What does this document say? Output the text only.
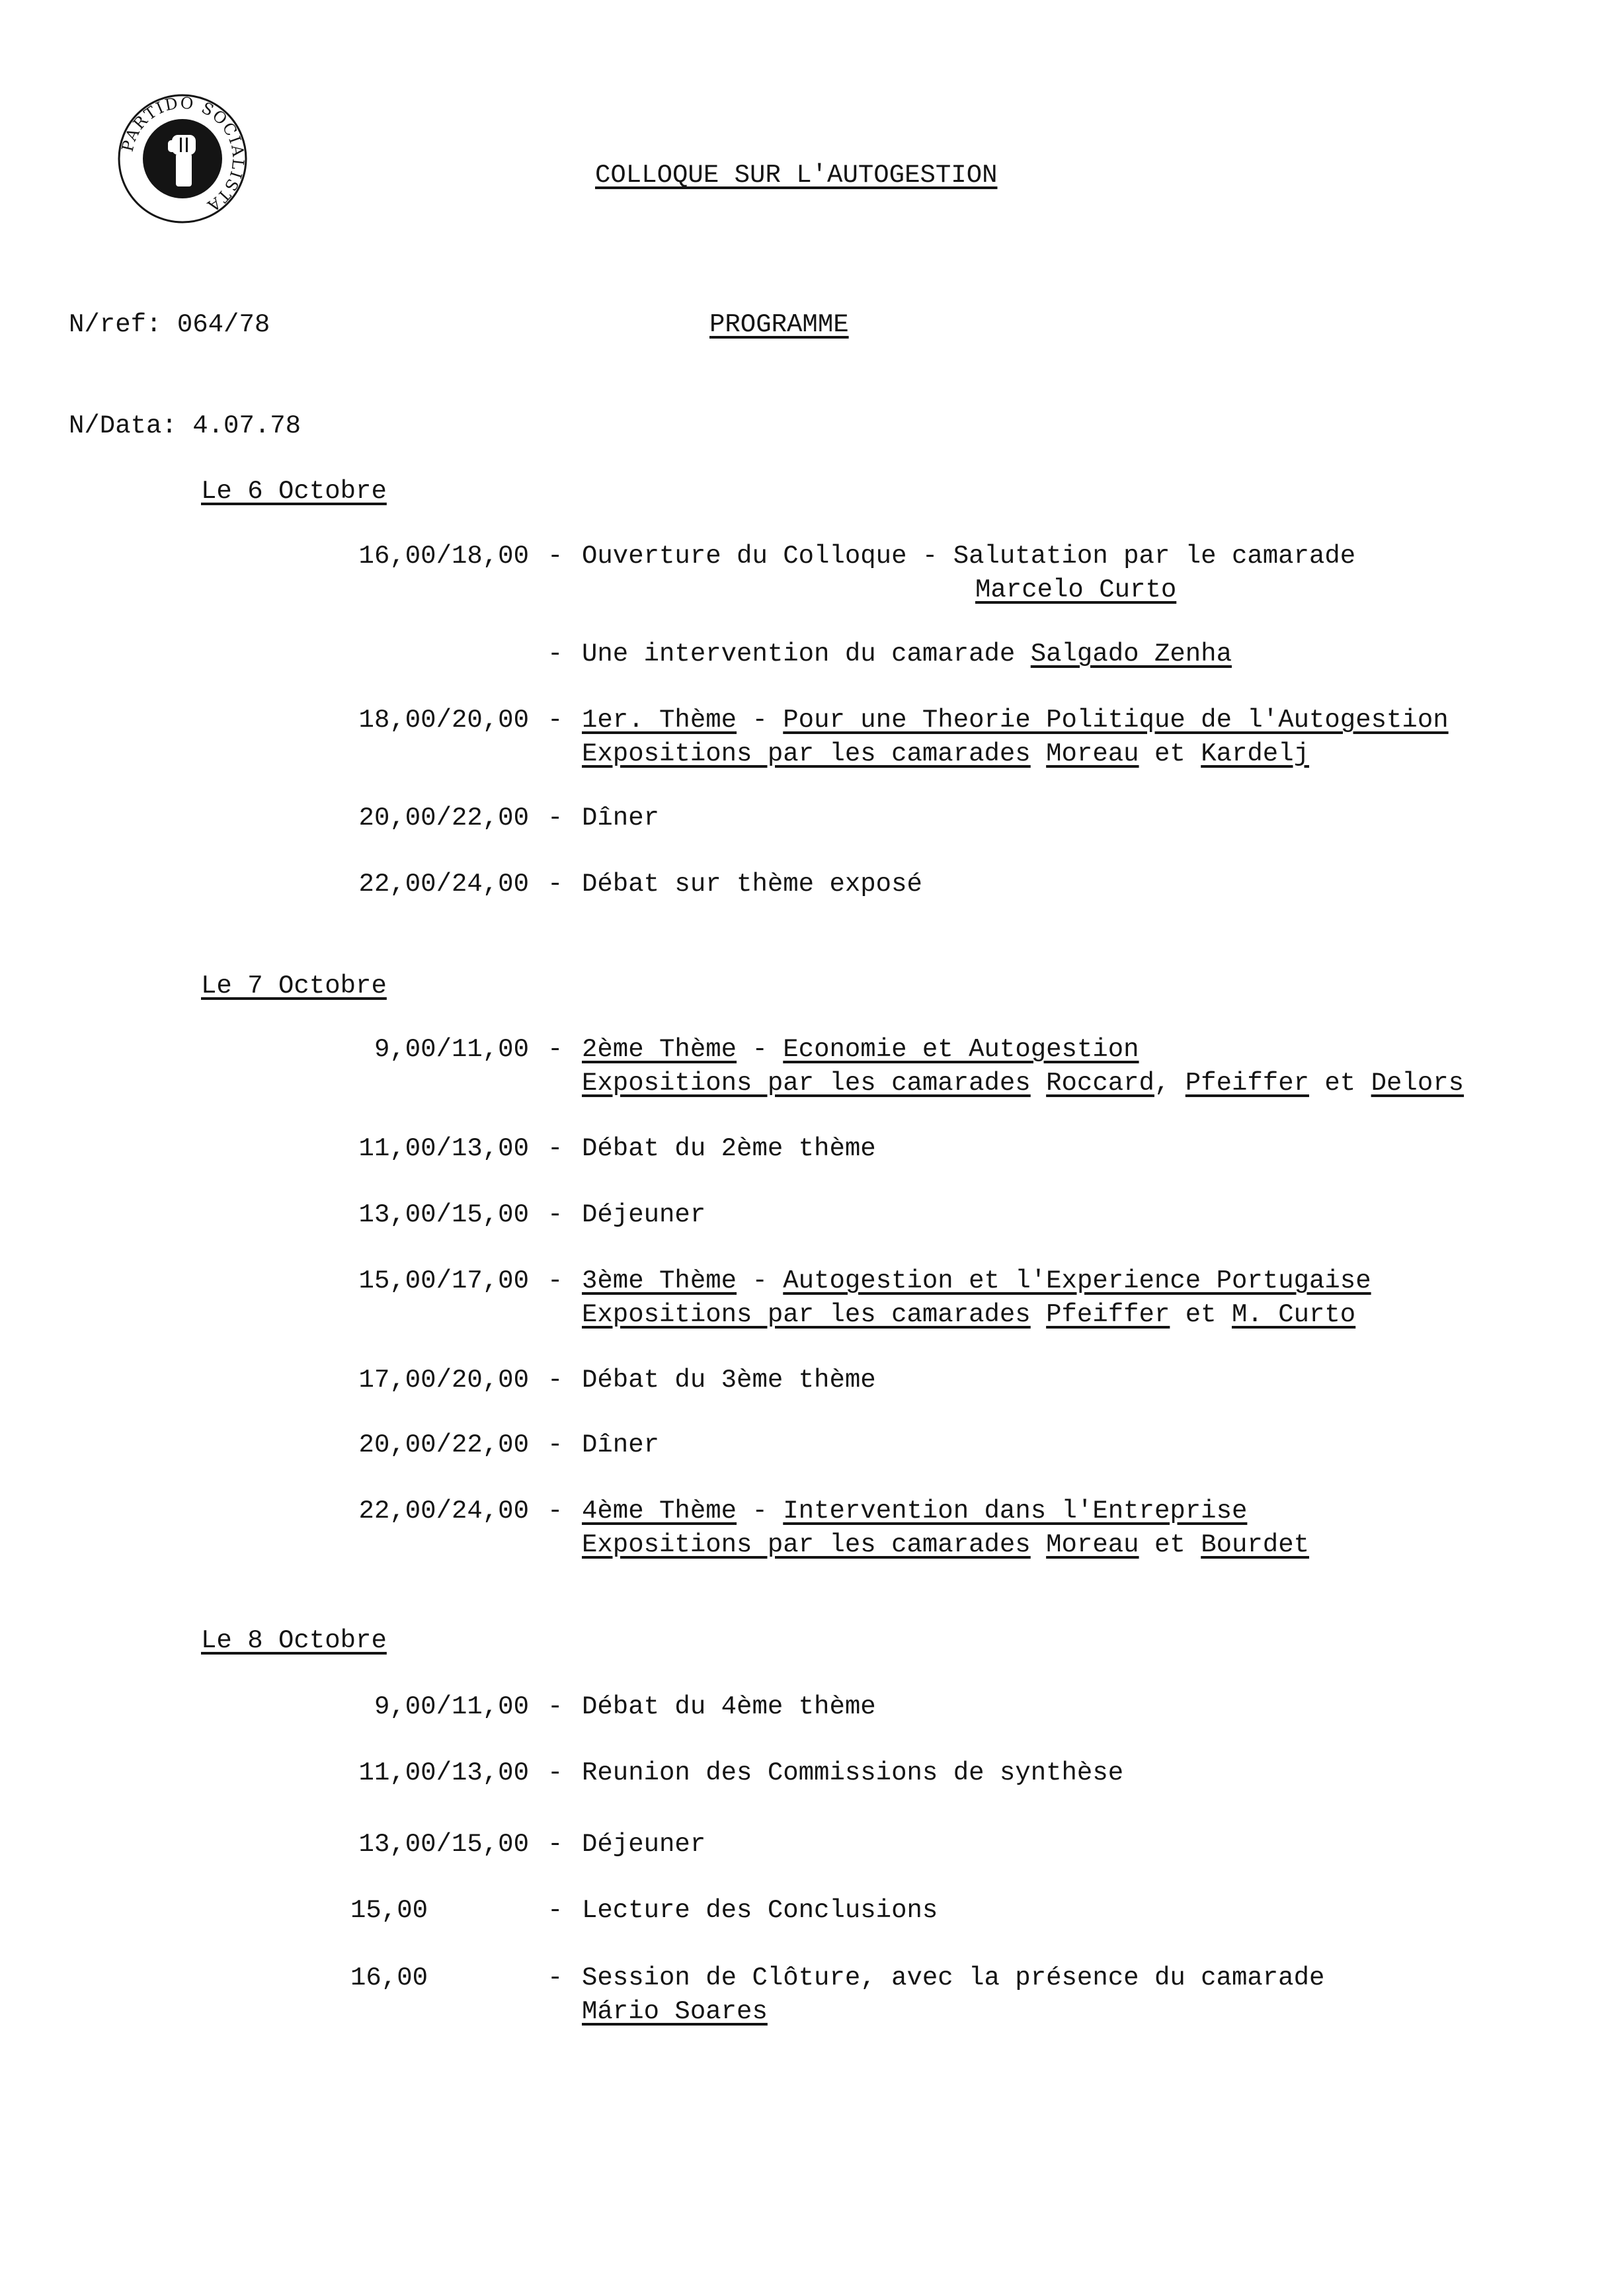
PARTIDO SOCIALISTA

N/ref: 064/78

N/Data: 4.07.78

COLLOQUE SUR L'AUTOGESTION
PROGRAMME
Le 6 Octobre
16,00/18,00 - Ouverture du Colloque - Salutation par le camarade
Marcelo Curto
- Une intervention du camarade Salgado Zenha
18,00/20,00 - 1er. Thème - Pour une Theorie Politique de l'Autogestion
Expositions par les camarades Moreau et Kardelj
20,00/22,00 - Dîner
22,00/24,00 - Débat sur thème exposé
Le 7 Octobre
9,00/11,00 - 2ème Thème - Economie et Autogestion
Expositions par les camarades Roccard, Pfeiffer et Delors
11,00/13,00 - Débat du 2ème thème
13,00/15,00 - Déjeuner
15,00/17,00 - 3ème Thème - Autogestion et l'Experience Portugaise
Expositions par les camarades Pfeiffer et M. Curto
17,00/20,00 - Débat du 3ème thème
20,00/22,00 - Dîner
22,00/24,00 - 4ème Thème - Intervention dans l'Entreprise
Expositions par les camarades Moreau et Bourdet
Le 8 Octobre
9,00/11,00 - Débat du 4ème thème
11,00/13,00 - Reunion des Commissions de synthèse
13,00/15,00 - Déjeuner
15,00	- Lecture des Conclusions
16,00	- Session de Clôture, avec la présence du camarade
Mário Soares
